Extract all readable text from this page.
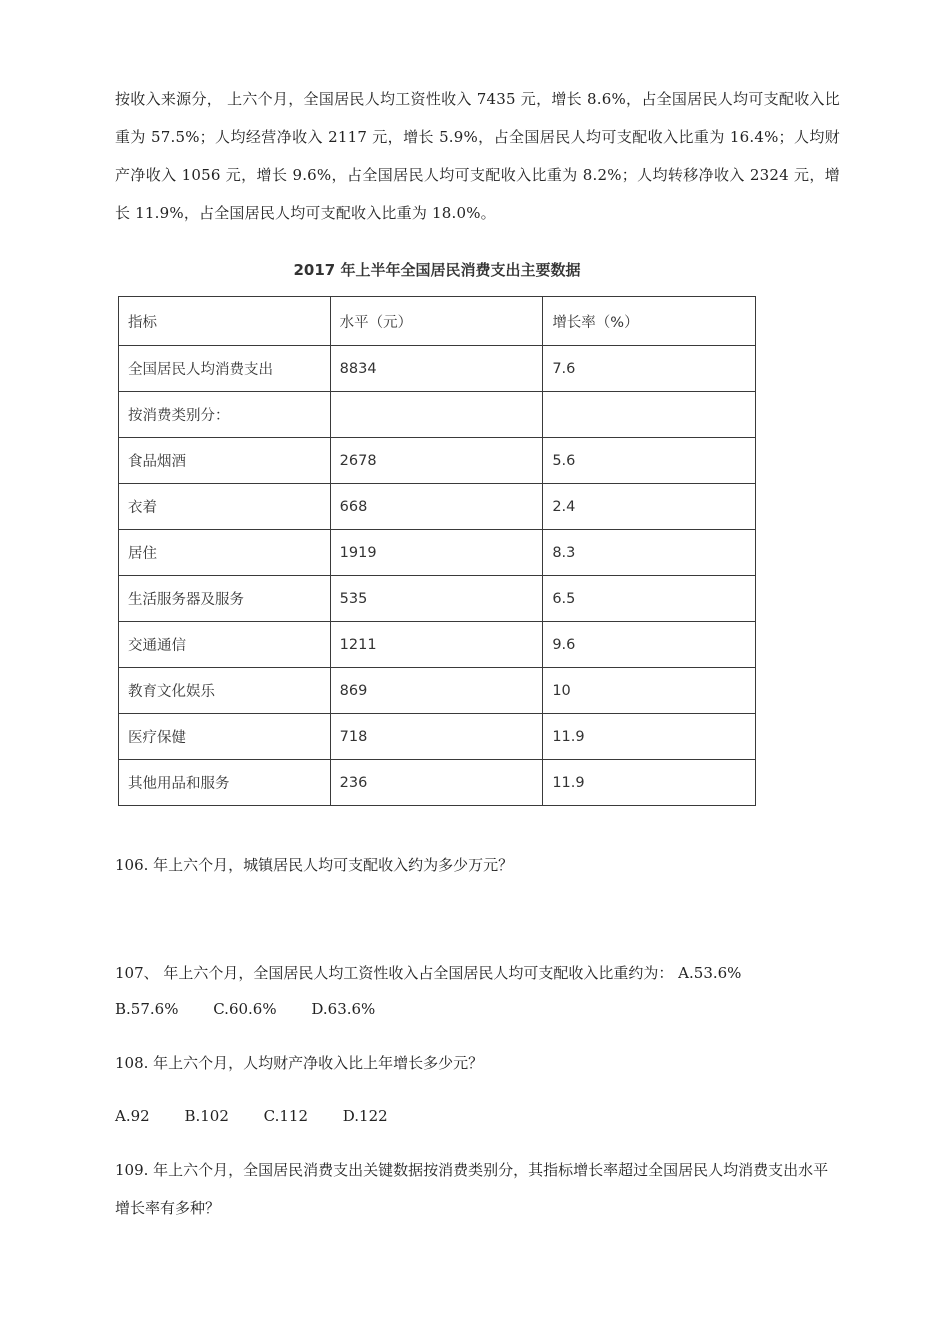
按收入来源分， 上六个月，全国居民人均工资性收入 7435 元，增长 8.6%，占全国居民人均可支配收入比重为 57.5%；人均经营净收入 2117 元，增长 5.9%，占全国居民人均可支配收入比重为 16.4%；人均财产净收入 1056 元，增长 9.6%，占全国居民人均可支配收入比重为 8.2%；人均转移净收入 2324 元，增长 11.9%，占全国居民人均可支配收入比重为 18.0%。

2017 年上半年全国居民消费支出主要数据
指标	水平（元）	增长率（%）
全国居民人均消费支出	8834	7.6
按消费类别分：		
食品烟酒	2678	5.6
衣着	668	2.4
居住	1919	8.3
生活服务器及服务	535	6.5
交通通信	1211	9.6
教育文化娱乐	869	10
医疗保健	718	11.9
其他用品和服务	236	11.9

106. 年上六个月，城镇居民人均可支配收入约为多少万元？

107、 年上六个月，全国居民人均工资性收入占全国居民人均可支配收入比重约为： A.53.6%

B.57.6% C.60.6% D.63.6%

108. 年上六个月，人均财产净收入比上年增长多少元？

A.92 B.102 C.112 D.122

109. 年上六个月，全国居民消费支出关键数据按消费类别分，其指标增长率超过全国居民人均消费支出水平增长率有多种？
